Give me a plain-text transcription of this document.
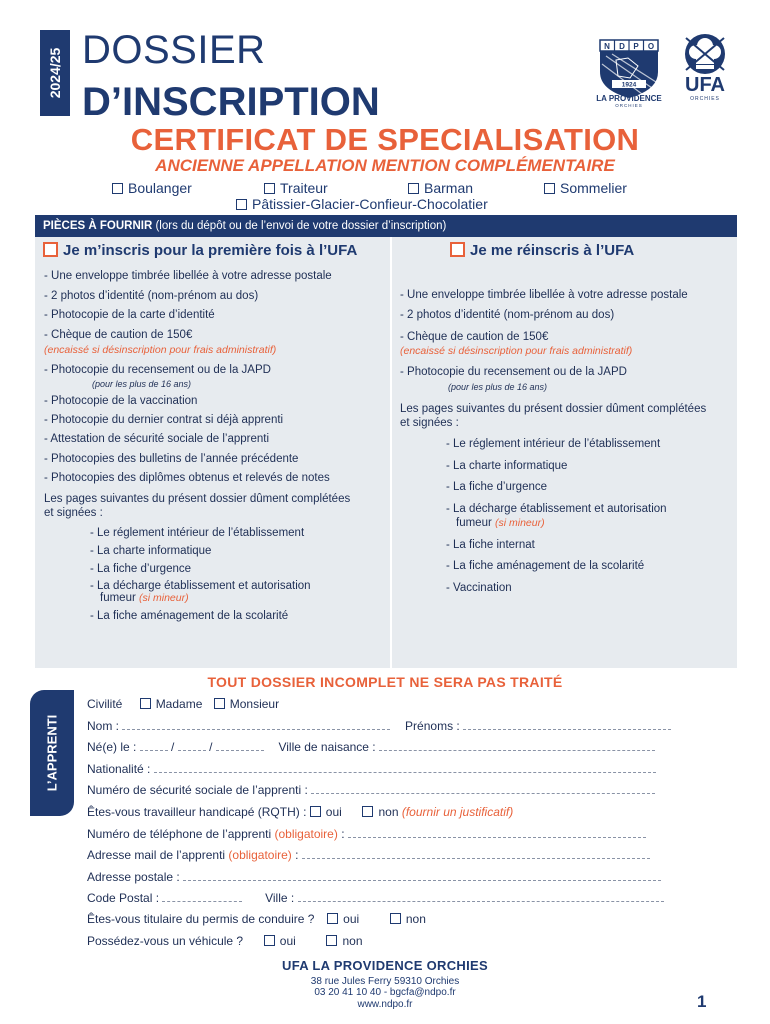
2024/25 DOSSIER
D’INSCRIPTION
N D P O
1924
LA PROVIDENCE
ORCHIES
UFA
ORCHIES
CERTIFICAT DE SPECIALISATION
ANCIENNE APPELLATION MENTION COMPLÉMENTAIRE
Boulanger	Traiteur	Barman	Sommelier
Pâtissier-Glacier-Confieur-Chocolatier
PIÈCES À FOURNIR (lors du dépôt ou de l’envoi de votre dossier d’inscription)
Je m’inscris pour la première fois à l’UFA
- Une enveloppe timbrée libellée à votre adresse postale
- 2 photos d’identité (nom-prénom au dos)
- Photocopie de la carte d’identité
- Chèque de caution de 150€
(encaissé si désinscription pour frais administratif)
- Photocopie du recensement ou de la JAPD
(pour les plus de 16 ans)
- Photocopie de la vaccination
- Photocopie du dernier contrat si déjà apprenti
- Attestation de sécurité sociale de l’apprenti
- Photocopies des bulletins de l’année précédente
- Photocopies des diplômes obtenus et relevés de notes
Les pages suivantes du présent dossier dûment complétées
et signées :
- Le réglement intérieur de l’établissement
- La charte informatique
- La fiche d’urgence
- La décharge établissement et autorisation
fumeur (si mineur)
- La fiche aménagement de la scolarité
Je me réinscris à l’UFA
- Une enveloppe timbrée libellée à votre adresse postale
- 2 photos d’identité (nom-prénom au dos)
- Chèque de caution de 150€
(encaissé si désinscription pour frais administratif)
- Photocopie du recensement ou de la JAPD
(pour les plus de 16 ans)
Les pages suivantes du présent dossier dûment complétées
et signées :
- Le réglement intérieur de l’établissement
- La charte informatique
- La fiche d’urgence
- La décharge établissement et autorisation
fumeur (si mineur)
- La fiche internat
- La fiche aménagement de la scolarité
- Vaccination
TOUT DOSSIER INCOMPLET NE SERA PAS TRAITÉ
L’APPRENTI
Civilité	Madame Monsieur
Nom :	Prénoms :
Né(e) le :	/	/	Ville de naisance :
Nationalité :
Numéro de sécurité sociale de l’apprenti :
Êtes-vous travailleur handicapé (RQTH) : oui	non (fournir un justificatif)
Numéro de téléphone de l’apprenti (obligatoire) :
Adresse mail de l’apprenti (obligatoire) :
Adresse postale :
Code Postal :	Ville :
Êtes-vous titulaire du permis de conduire ? oui	non
Possédez-vous un véhicule ?	oui	non
UFA LA PROVIDENCE ORCHIES
38 rue Jules Ferry 59310 Orchies
03 20 41 10 40 - bgcfa@ndpo.fr
www.ndpo.fr	1
